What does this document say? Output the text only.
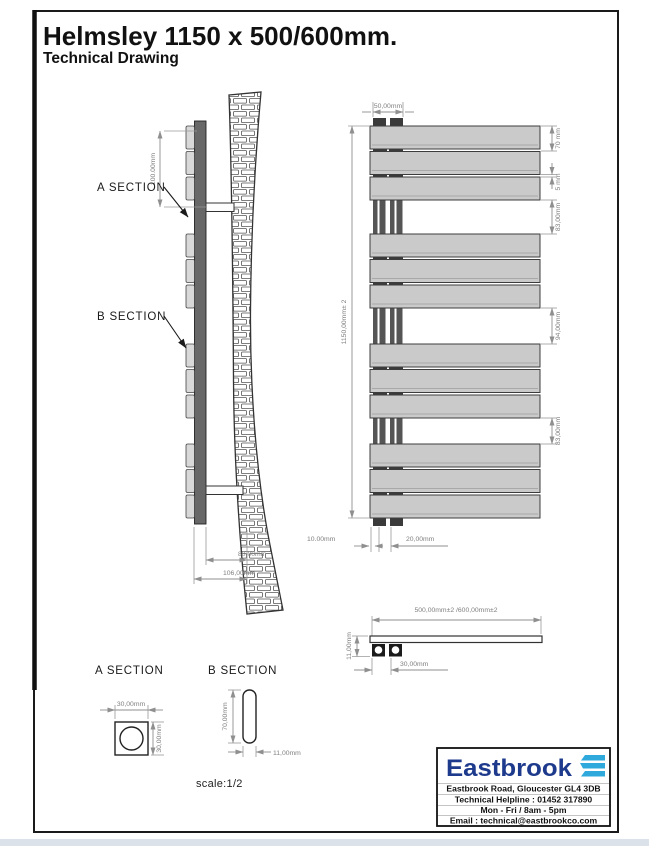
Helmsley 1150 x 500/600mm.
Technical Drawing
100.00mm
A SECTION
B SECTION
80.00mm
106,00mm
50,00mm
1150,00mm± 2
70 mm
5 mm
83,00mm
94,00mm
83,00mm
10.00mm	20,00mm
500,00mm±2 /600,00mm±2
11,00mm
30,00mm
A SECTION
30,00mm
30,00mm
B SECTION
70,00mm
11,00mm
scale:1/2
Eastbrook
Eastbrook Road, Gloucester GL4 3DB
Technical Helpline : 01452 317890
Mon - Fri / 8am - 5pm
Email : technical@eastbrookco.com
